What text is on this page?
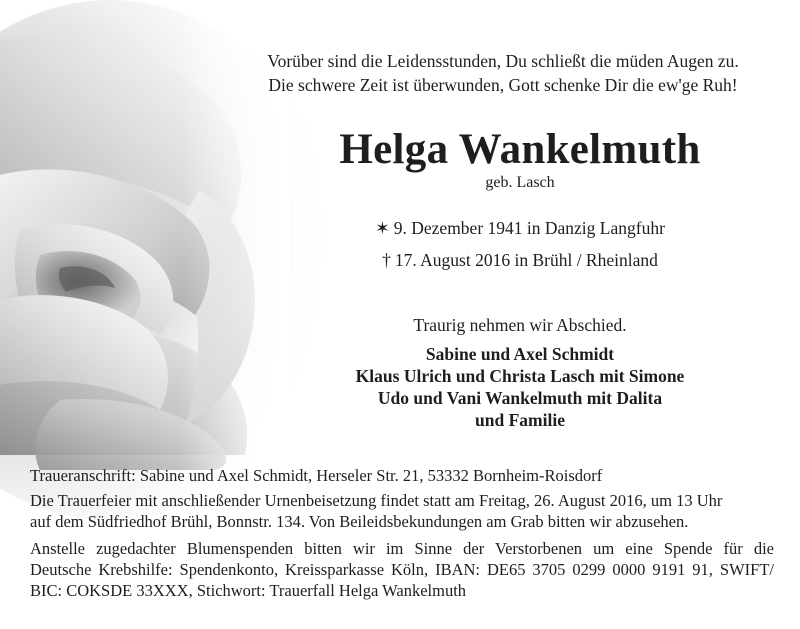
Vorüber sind die Leidensstunden, Du schließt die müden Augen zu.
Die schwere Zeit ist überwunden, Gott schenke Dir die ew'ge Ruh!
Helga Wankelmuth
geb. Lasch
✶ 9. Dezember 1941 in Danzig Langfuhr
† 17. August 2016 in Brühl / Rheinland
Traurig nehmen wir Abschied.
Sabine und Axel Schmidt
Klaus Ulrich und Christa Lasch mit Simone
Udo und Vani Wankelmuth mit Dalita
und Familie
Traueranschrift: Sabine und Axel Schmidt, Herseler Str. 21, 53332 Bornheim-Roisdorf
Die Trauerfeier mit anschließender Urnenbeisetzung findet statt am Freitag, 26. August 2016, um 13 Uhr
auf dem Südfriedhof Brühl, Bonnstr. 134. Von Beileidsbekundungen am Grab bitten wir abzusehen.
Anstelle zugedachter Blumenspenden bitten wir im Sinne der Verstorbenen um eine Spende für die
Deutsche Krebshilfe: Spendenkonto, Kreissparkasse Köln, IBAN: DE65 3705 0299 0000 9191 91, SWIFT/
BIC: COKSDE 33XXX, Stichwort: Trauerfall Helga Wankelmuth
